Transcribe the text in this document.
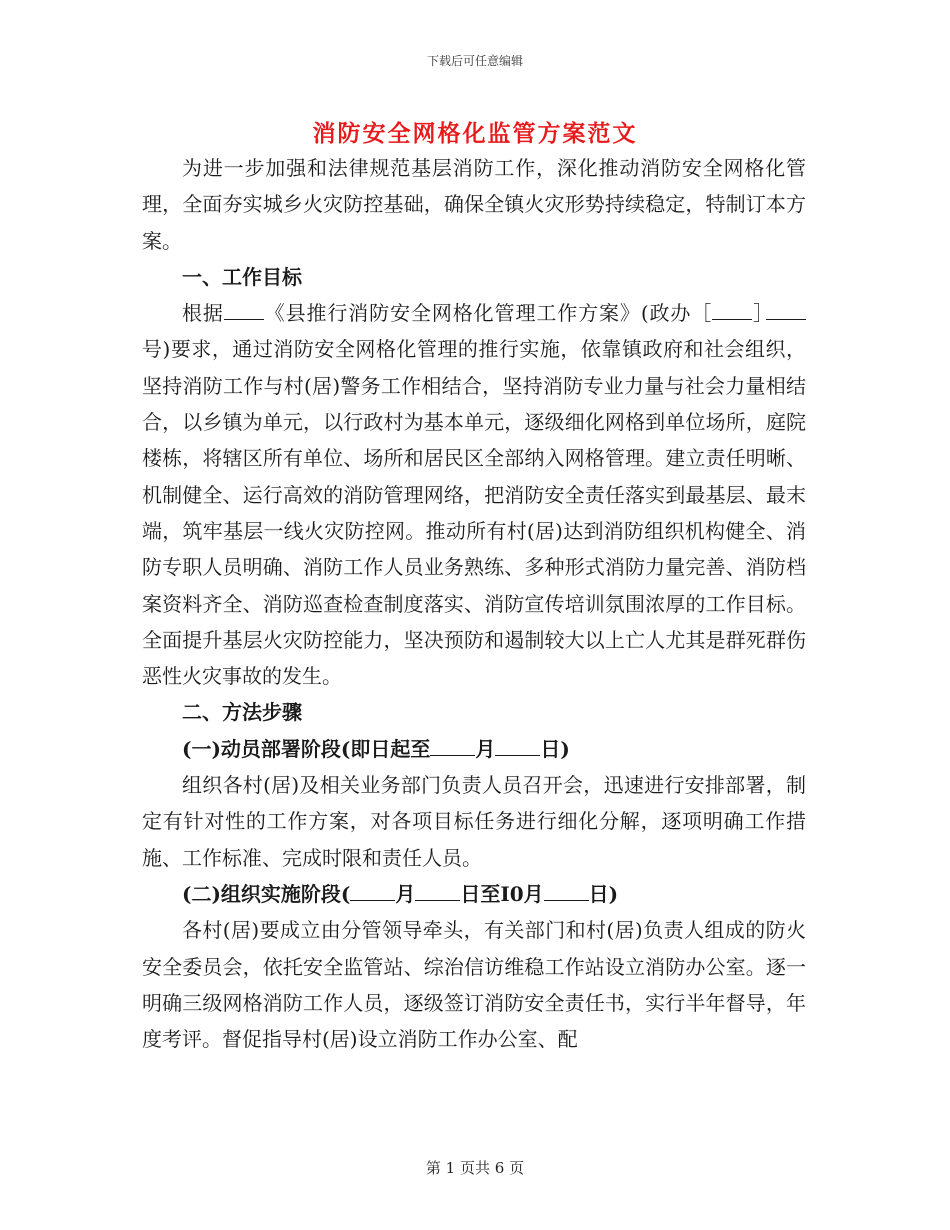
下载后可任意编辑
消防安全网格化监管方案范文

为进一步加强和法律规范基层消防工作，深化推动消防安全网格化管理，全面夯实城乡火灾防控基础，确保全镇火灾形势持续稳定，特制订本方案。

一、工作目标

根据 《县推行消防安全网格化管理工作方案》(政办［ ］号)要求，通过消防安全网格化管理的推行实施，依靠镇政府和社会组织，坚持消防工作与村(居)警务工作相结合，坚持消防专业力量与社会力量相结合，以乡镇为单元，以行政村为基本单元，逐级细化网格到单位场所，庭院楼栋，将辖区所有单位、场所和居民区全部纳入网格管理。建立责任明晰、机制健全、运行高效的消防管理网络，把消防安全责任落实到最基层、最末端，筑牢基层一线火灾防控网。推动所有村(居)达到消防组织机构健全、消防专职人员明确、消防工作人员业务熟练、多种形式消防力量完善、消防档案资料齐全、消防巡查检查制度落实、消防宣传培训氛围浓厚的工作目标。全面提升基层火灾防控能力，坚决预防和遏制较大以上亡人尤其是群死群伤恶性火灾事故的发生。

二、方法步骤

(一)动员部署阶段(即日起至 月 日)

组织各村(居)及相关业务部门负责人员召开会，迅速进行安排部署，制定有针对性的工作方案，对各项目标任务进行细化分解，逐项明确工作措施、工作标准、完成时限和责任人员。

(二)组织实施阶段( 月 日至I0月 日)

各村(居)要成立由分管领导牵头，有关部门和村(居)负责人组成的防火安全委员会，依托安全监管站、综治信访维稳工作站设立消防办公室。逐一明确三级网格消防工作人员，逐级签订消防安全责任书，实行半年督导，年度考评。督促指导村(居)设立消防工作办公室、配

第 1 页共 6 页
